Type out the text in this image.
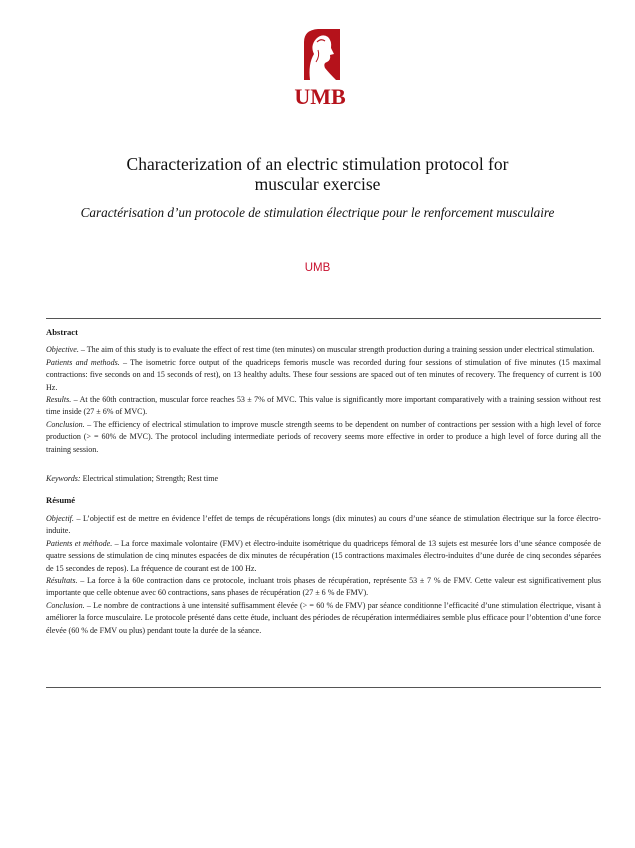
UMB
Characterization of an electric stimulation protocol for
muscular exercise
Caractérisation d’un protocole de stimulation électrique pour le renforcement musculaire
UMB
Abstract

Objective. – The aim of this study is to evaluate the effect of rest time (ten minutes) on muscular strength production during a training session under electrical stimulation.

Patients and methods. – The isometric force output of the quadriceps femoris muscle was recorded during four sessions of stimulation of five minutes (15 maximal contractions: five seconds on and 15 seconds of rest), on 13 healthy adults. These four sessions are spaced out of ten minutes of recovery. The frequency of current is 100 Hz.

Results. – At the 60th contraction, muscular force reaches 53 ± 7% of MVC. This value is significantly more important comparatively with a training session without rest time inside (27 ± 6% of MVC).

Conclusion. – The efficiency of electrical stimulation to improve muscle strength seems to be dependent on number of contractions per session with a high level of force production (> = 60% de MVC). The protocol including intermediate periods of recovery seems more effective in order to produce a high level of force during all the training session.

Keywords: Electrical stimulation; Strength; Rest time

Résumé

Objectif. – L’objectif est de mettre en évidence l’effet de temps de récupérations longs (dix minutes) au cours d’une séance de stimulation électrique sur la force électro-induite.

Patients et méthode. – La force maximale volontaire (FMV) et électro-induite isométrique du quadriceps fémoral de 13 sujets est mesurée lors d’une séance composée de quatre sessions de stimulation de cinq minutes espacées de dix minutes de récupération (15 contractions maximales électro-induites d’une durée de cinq secondes séparées de 15 secondes de repos). La fréquence de courant est de 100 Hz.

Résultats. – La force à la 60e contraction dans ce protocole, incluant trois phases de récupération, représente 53 ± 7 % de FMV. Cette valeur est significativement plus importante que celle obtenue avec 60 contractions, sans phases de récupération (27 ± 6 % de FMV).

Conclusion. – Le nombre de contractions à une intensité suffisamment élevée (> = 60 % de FMV) par séance conditionne l’efficacité d’une stimulation électrique, visant à améliorer la force musculaire. Le protocole présenté dans cette étude, incluant des périodes de récupération intermédiaires semble plus efficace pour l’obtention d’une force élevée (60 % de FMV ou plus) pendant toute la durée de la séance.
